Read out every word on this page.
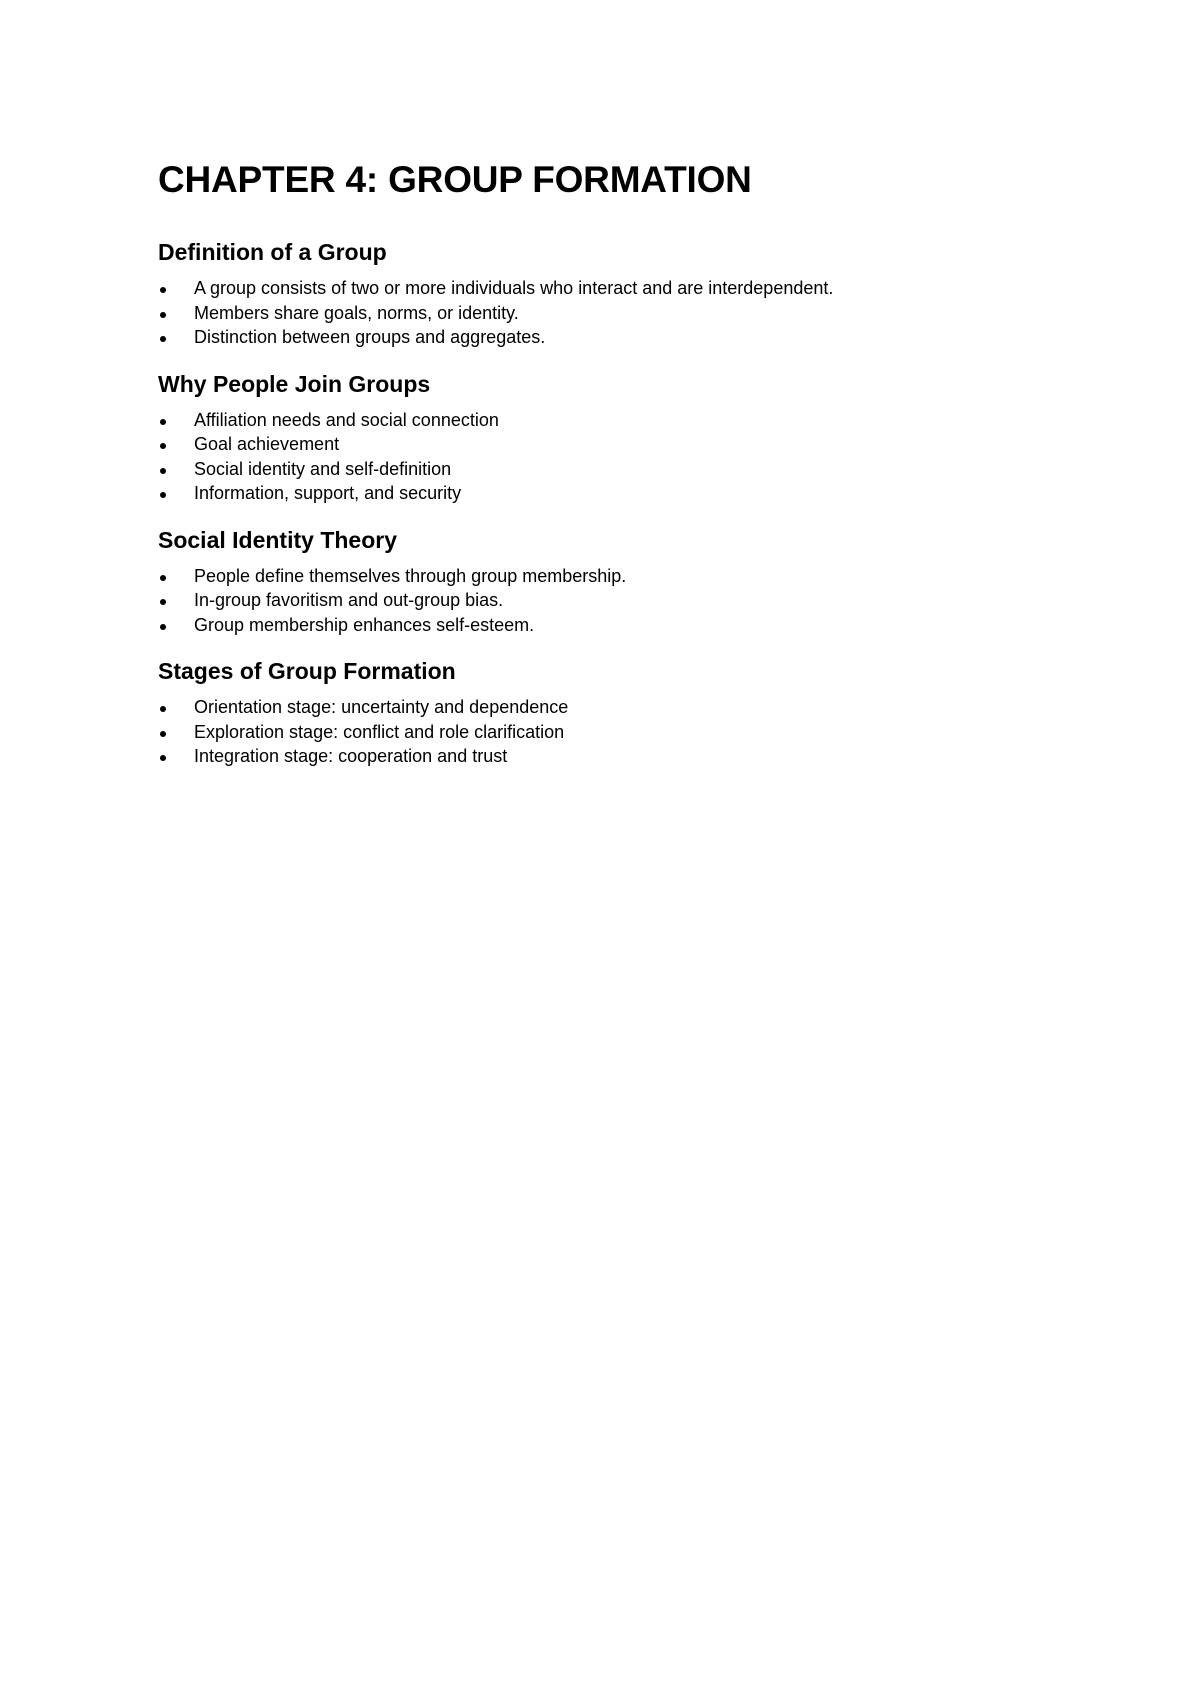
CHAPTER 4: GROUP FORMATION
Definition of a Group
A group consists of two or more individuals who interact and are interdependent.
Members share goals, norms, or identity.
Distinction between groups and aggregates.
Why People Join Groups
Affiliation needs and social connection
Goal achievement
Social identity and self-definition
Information, support, and security
Social Identity Theory
People define themselves through group membership.
In-group favoritism and out-group bias.
Group membership enhances self-esteem.
Stages of Group Formation
Orientation stage: uncertainty and dependence
Exploration stage: conflict and role clarification
Integration stage: cooperation and trust
